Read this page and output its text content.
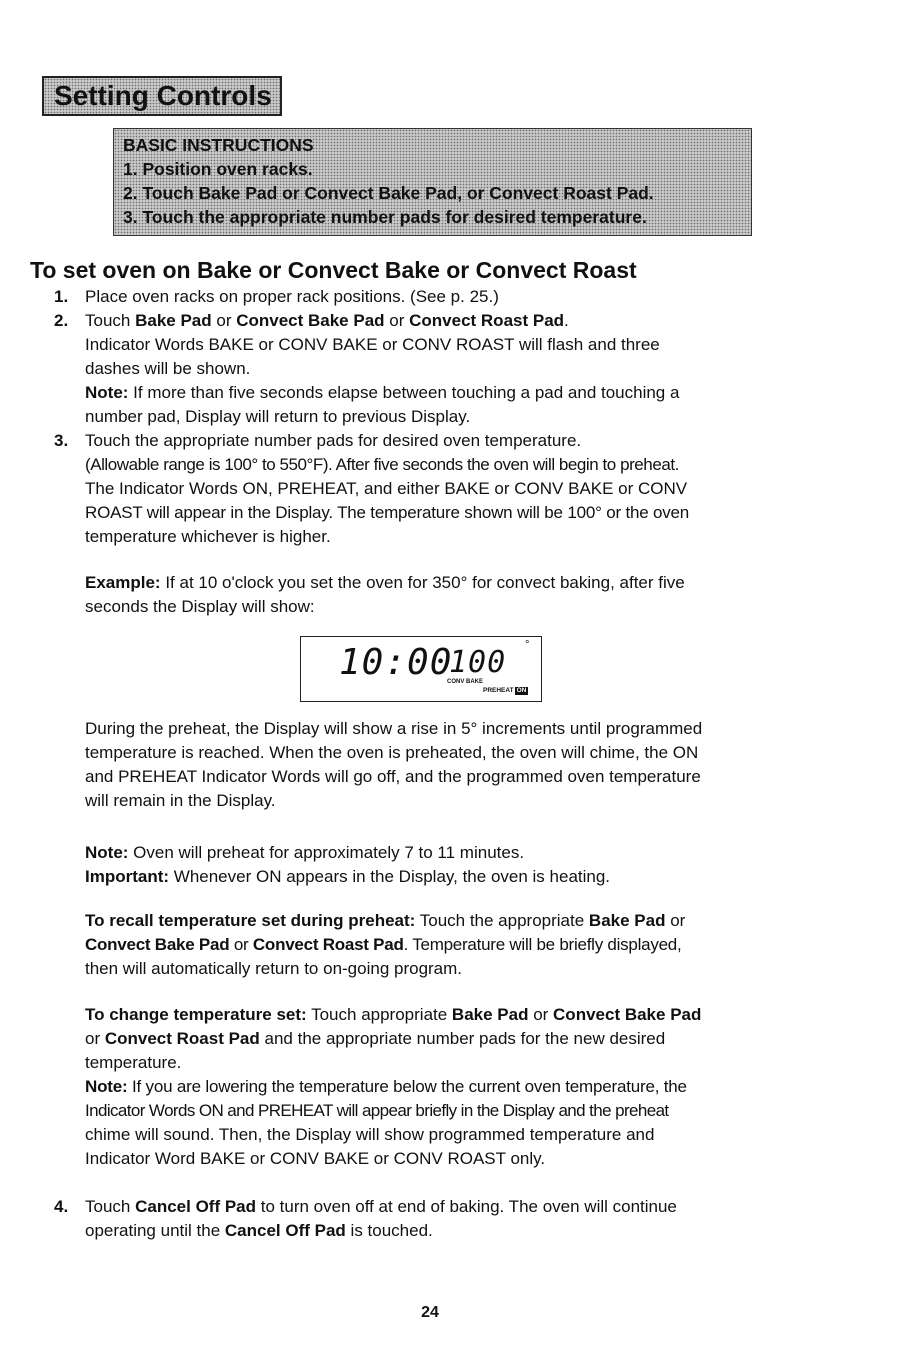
Setting Controls
BASIC INSTRUCTIONS
1. Position oven racks.
2. Touch Bake Pad or Convect Bake Pad, or Convect Roast Pad.
3. Touch the appropriate number pads for desired temperature.
To set oven on Bake or Convect Bake or Convect Roast
1. Place oven racks on proper rack positions. (See p. 25.)
2. Touch Bake Pad or Convect Bake Pad or Convect Roast Pad.
Indicator Words BAKE or CONV BAKE or CONV ROAST will flash and three
dashes will be shown.
Note: If more than five seconds elapse between touching a pad and touching a
number pad, Display will return to previous Display.
3. Touch the appropriate number pads for desired oven temperature.
(Allowable range is 100° to 550°F). After five seconds the oven will begin to preheat.
The Indicator Words ON, PREHEAT, and either BAKE or CONV BAKE or CONV
ROAST will appear in the Display. The temperature shown will be 100° or the oven
temperature whichever is higher.
Example: If at 10 o'clock you set the oven for 350° for convect baking, after five
seconds the Display will show:
10:00
100 °
CONV BAKE
PREHEAT ON
During the preheat, the Display will show a rise in 5° increments until programmed
temperature is reached. When the oven is preheated, the oven will chime, the ON
and PREHEAT Indicator Words will go off, and the programmed oven temperature
will remain in the Display.
Note: Oven will preheat for approximately 7 to 11 minutes.
Important: Whenever ON appears in the Display, the oven is heating.
To recall temperature set during preheat: Touch the appropriate Bake Pad or
Convect Bake Pad or Convect Roast Pad. Temperature will be briefly displayed,
then will automatically return to on-going program.
To change temperature set: Touch appropriate Bake Pad or Convect Bake Pad
or Convect Roast Pad and the appropriate number pads for the new desired
temperature.
Note: If you are lowering the temperature below the current oven temperature, the
Indicator Words ON and PREHEAT will appear briefly in the Display and the preheat
chime will sound. Then, the Display will show programmed temperature and
Indicator Word BAKE or CONV BAKE or CONV ROAST only.
4. Touch Cancel Off Pad to turn oven off at end of baking. The oven will continue
operating until the Cancel Off Pad is touched.
24
